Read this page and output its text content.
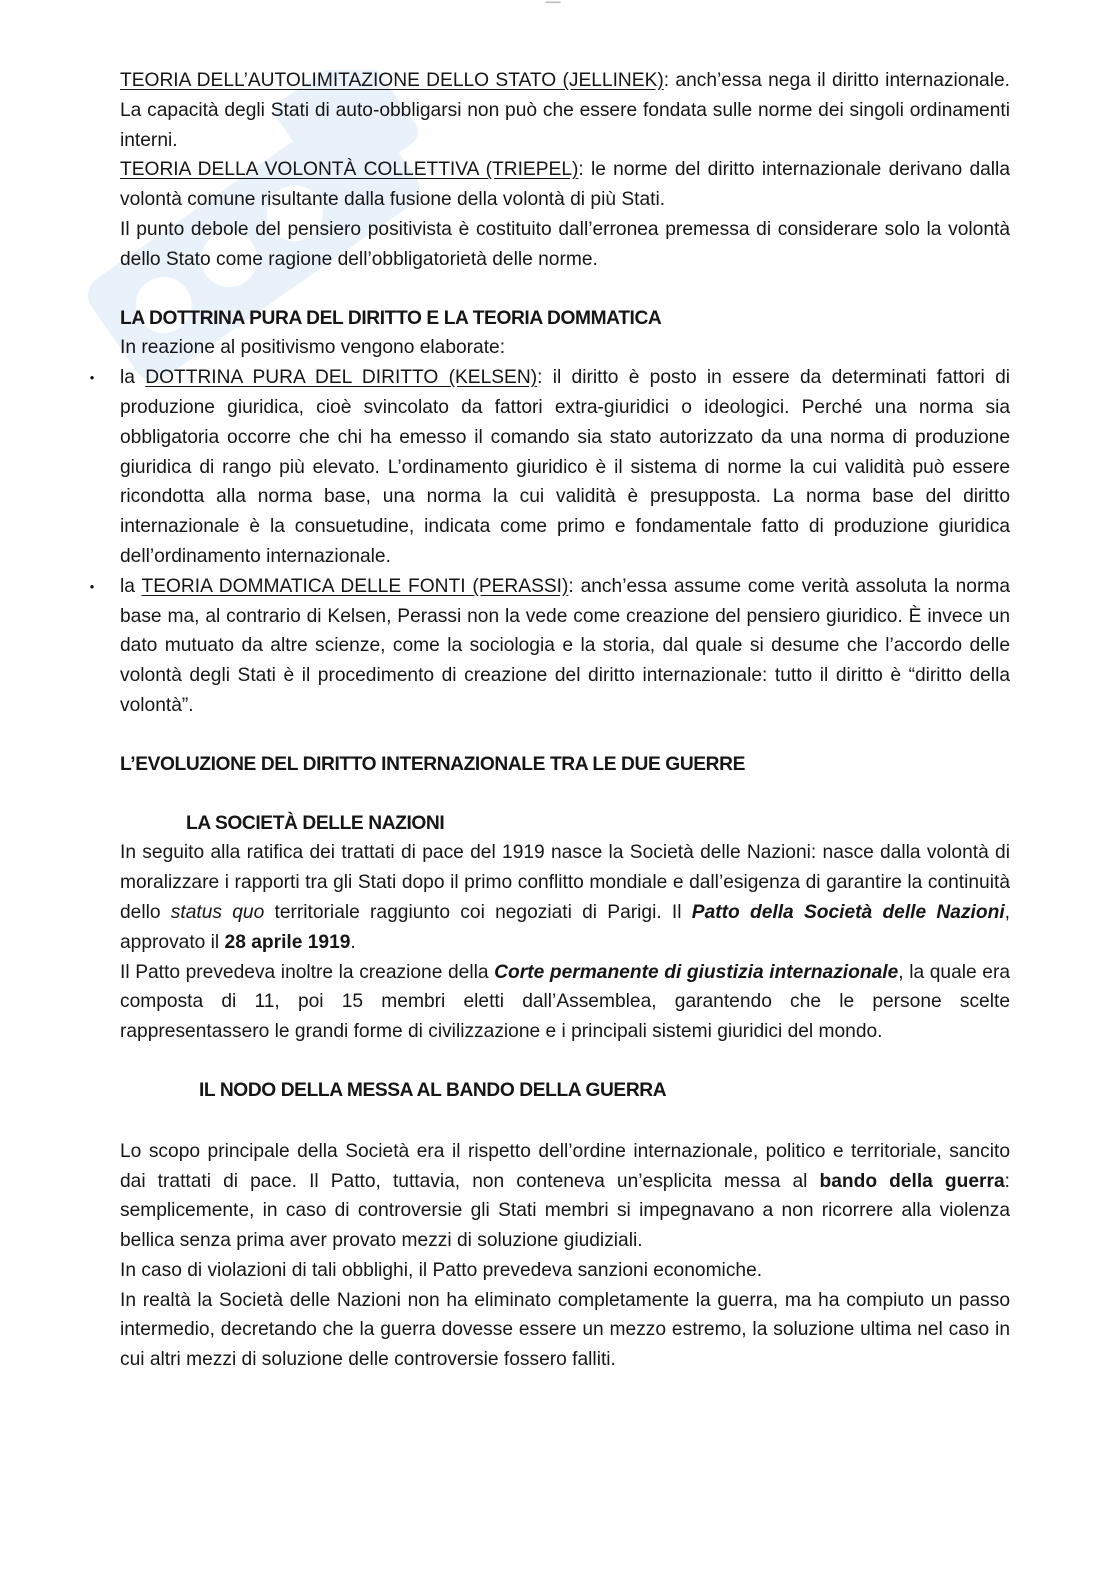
▬▬▬

TEORIA DELL’AUTOLIMITAZIONE DELLO STATO (JELLINEK): anch’essa nega il diritto internazionale. La capacità degli Stati di auto-obbligarsi non può che essere fondata sulle norme dei singoli ordinamenti interni.

TEORIA DELLA VOLONTÀ COLLETTIVA (TRIEPEL): le norme del diritto internazionale derivano dalla volontà comune risultante dalla fusione della volontà di più Stati.

Il punto debole del pensiero positivista è costituito dall’erronea premessa di considerare solo la volontà dello Stato come ragione dell’obbligatorietà delle norme.

LA DOTTRINA PURA DEL DIRITTO E LA TEORIA DOMMATICA

In reazione al positivismo vengono elaborate:

• la DOTTRINA PURA DEL DIRITTO (KELSEN): il diritto è posto in essere da determinati fattori di produzione giuridica, cioè svincolato da fattori extra-giuridici o ideologici. Perché una norma sia obbligatoria occorre che chi ha emesso il comando sia stato autorizzato da una norma di produzione giuridica di rango più elevato. L’ordinamento giuridico è il sistema di norme la cui validità può essere ricondotta alla norma base, una norma la cui validità è presupposta. La norma base del diritto internazionale è la consuetudine, indicata come primo e fondamentale fatto di produzione giuridica dell’ordinamento internazionale.
• la TEORIA DOMMATICA DELLE FONTI (PERASSI): anch’essa assume come verità assoluta la norma base ma, al contrario di Kelsen, Perassi non la vede come creazione del pensiero giuridico. È invece un dato mutuato da altre scienze, come la sociologia e la storia, dal quale si desume che l’accordo delle volontà degli Stati è il procedimento di creazione del diritto internazionale: tutto il diritto è “diritto della volontà”.
L’EVOLUZIONE DEL DIRITTO INTERNAZIONALE TRA LE DUE GUERRE
LA SOCIETÀ DELLE NAZIONI

In seguito alla ratifica dei trattati di pace del 1919 nasce la Società delle Nazioni: nasce dalla volontà di moralizzare i rapporti tra gli Stati dopo il primo conflitto mondiale e dall’esigenza di garantire la continuità dello status quo territoriale raggiunto coi negoziati di Parigi. Il Patto della Società delle Nazioni, approvato il 28 aprile 1919.

Il Patto prevedeva inoltre la creazione della Corte permanente di giustizia internazionale, la quale era composta di 11, poi 15 membri eletti dall’Assemblea, garantendo che le persone scelte rappresentassero le grandi forme di civilizzazione e i principali sistemi giuridici del mondo.

IL NODO DELLA MESSA AL BANDO DELLA GUERRA

Lo scopo principale della Società era il rispetto dell’ordine internazionale, politico e territoriale, sancito dai trattati di pace. Il Patto, tuttavia, non conteneva un’esplicita messa al bando della guerra: semplicemente, in caso di controversie gli Stati membri si impegnavano a non ricorrere alla violenza bellica senza prima aver provato mezzi di soluzione giudiziali.

In caso di violazioni di tali obblighi, il Patto prevedeva sanzioni economiche.

In realtà la Società delle Nazioni non ha eliminato completamente la guerra, ma ha compiuto un passo intermedio, decretando che la guerra dovesse essere un mezzo estremo, la soluzione ultima nel caso in cui altri mezzi di soluzione delle controversie fossero falliti.
